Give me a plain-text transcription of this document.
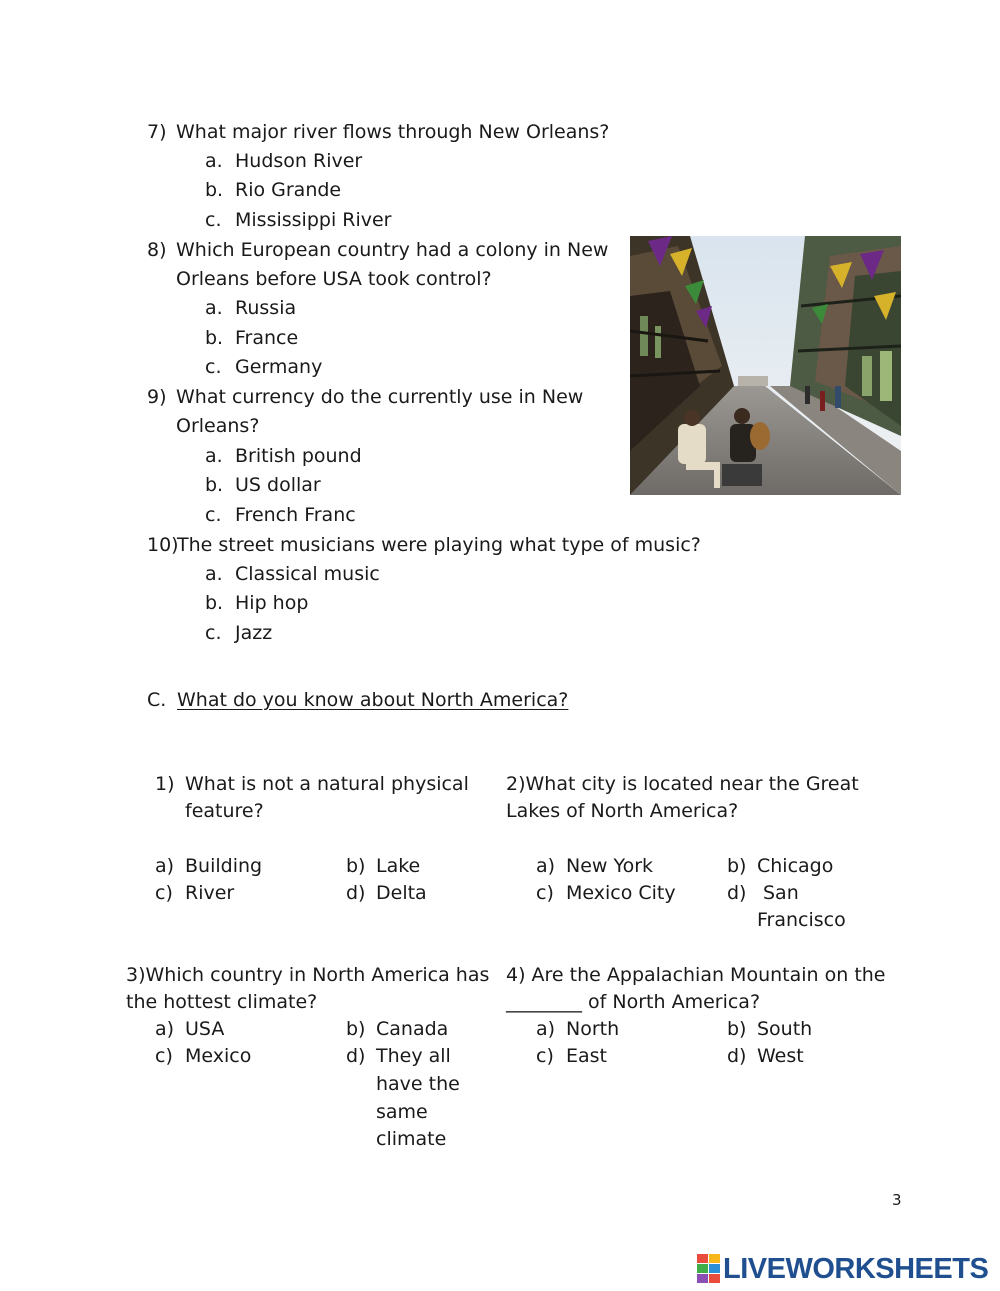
7) What major river flows through New Orleans?
a. Hudson River
b. Rio Grande
c. Mississippi River
8) Which European country had a colony in New
Orleans before USA took control?
a. Russia
b. France
c. Germany
9) What currency do the currently use in New
Orleans?
a. British pound
b. US dollar
c. French Franc
10)
The street musicians were playing what type of music?
a. Classical music
b. Hip hop
c. Jazz
C. What do you know about North America?
1) What is not a natural physical
feature?
a) Building	b) Lake
c) River	d) Delta
2)What city is located near the Great
Lakes of North America?
a) New York	b) Chicago
c) Mexico City	d) San
Francisco
3)Which country in North America has
the hottest climate?
a) USA	b) Canada
c) Mexico	d) They all
have the
same
climate
4) Are the Appalachian Mountain on the
________ of North America?
a) North	b) South
c) East	d) West
3
LIVEWORKSHEETS
